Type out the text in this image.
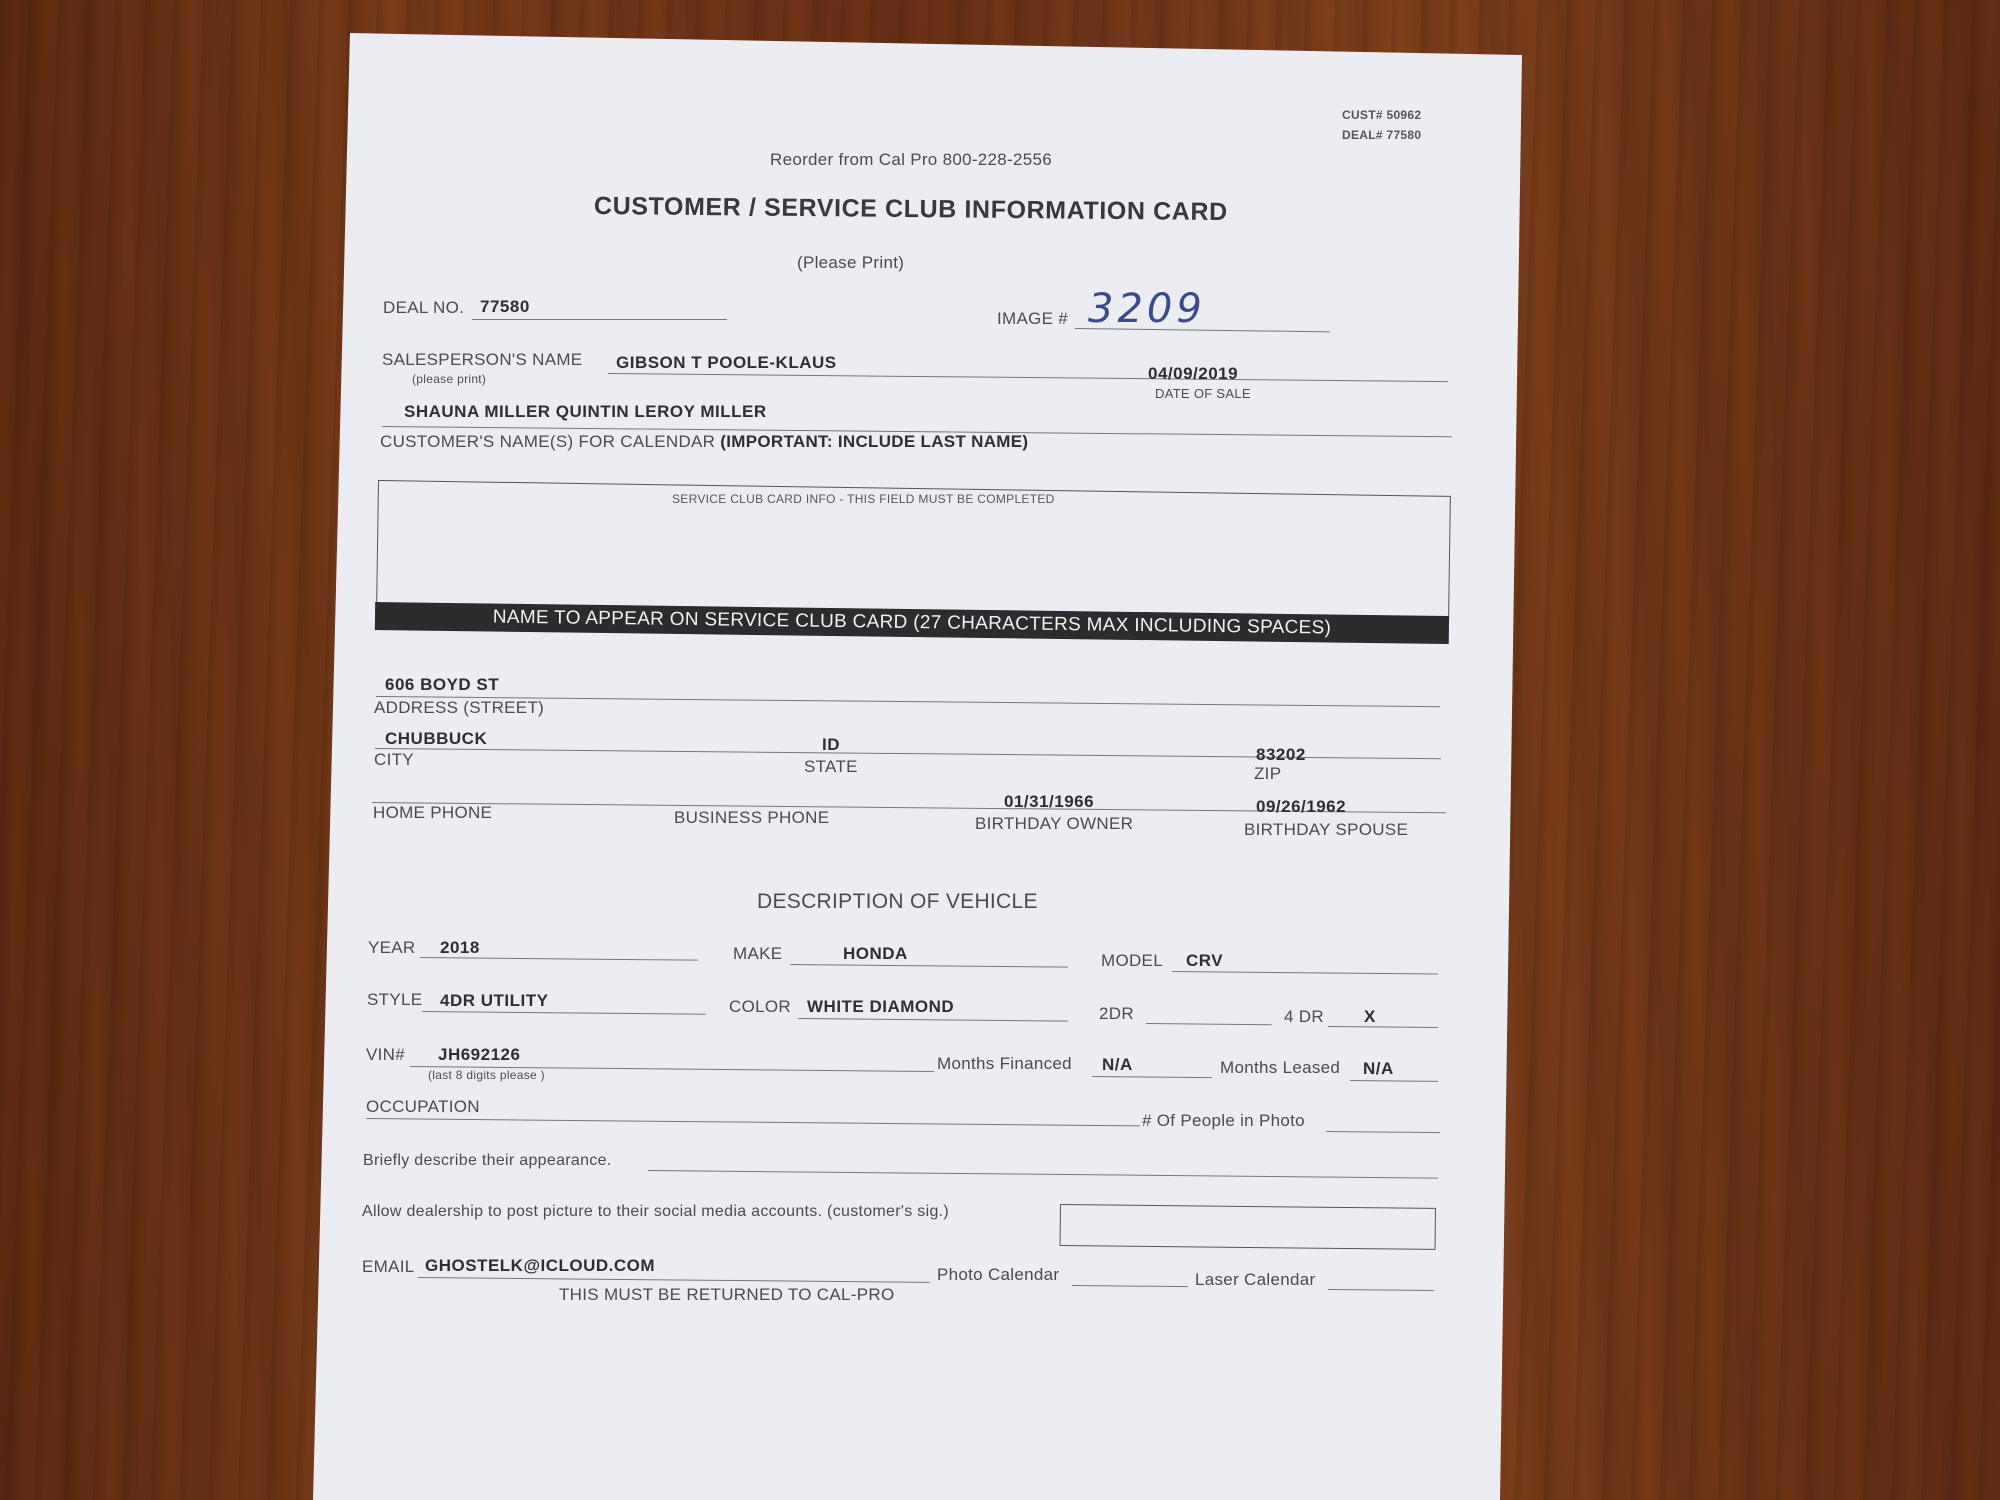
CUST# 50962
DEAL# 77580
Reorder from Cal Pro 800-228-2556
CUSTOMER / SERVICE CLUB INFORMATION CARD
(Please Print)
DEAL NO. 77580
IMAGE # 3209
SALESPERSON'S NAME
(please print)
GIBSON T POOLE-KLAUS
04/09/2019
DATE OF SALE
SHAUNA MILLER QUINTIN LEROY MILLER
CUSTOMER'S NAME(S) FOR CALENDAR (IMPORTANT: INCLUDE LAST NAME)
SERVICE CLUB CARD INFO - THIS FIELD MUST BE COMPLETED
NAME TO APPEAR ON SERVICE CLUB CARD (27 CHARACTERS MAX INCLUDING SPACES)
606 BOYD ST
ADDRESS (STREET)
CHUBBUCK
CITY
ID
STATE
83202
ZIP
HOME PHONE	BUSINESS PHONE
01/31/1966
BIRTHDAY OWNER
09/26/1962
BIRTHDAY SPOUSE
DESCRIPTION OF VEHICLE
YEAR 2018	MAKE	HONDA	MODEL CRV
STYLE 4DR UTILITY	COLOR WHITE DIAMOND	2DR	4 DR X
VIN# JH692126
(last 8 digits please )
Months Financed N/A	Months Leased N/A
OCCUPATION
# Of People in Photo
Briefly describe their appearance.
Allow dealership to post picture to their social media accounts. (customer's sig.)
EMAIL GHOSTELK@ICLOUD.COM	Photo Calendar	Laser Calendar
THIS MUST BE RETURNED TO CAL-PRO
